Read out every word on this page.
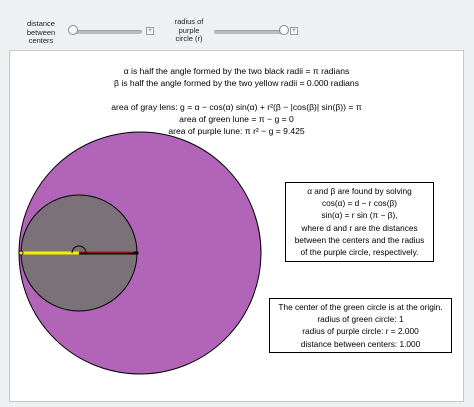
distance
between
centers
+
radius of
purple
circle (r)
+
α is half the angle formed by the two black radii = π radians
β is half the angle formed by the two yellow radii = 0.000 radians
area of gray lens: g = α − cos(α) sin(α) + r²(β − |cos(β)| sin(β)) = π
area of green lune = π − g = 0
area of purple lune: π r² − g = 9.425
α and β are found by solving
cos(α) = d − r cos(β)
sin(α) = r sin (π − β),
where d and r are the distances
between the centers and the radius
of the purple circle, respectively.
The center of the green circle is at the origin.
radius of green circle: 1
radius of purple circle: r = 2.000
distance between centers: 1.000
